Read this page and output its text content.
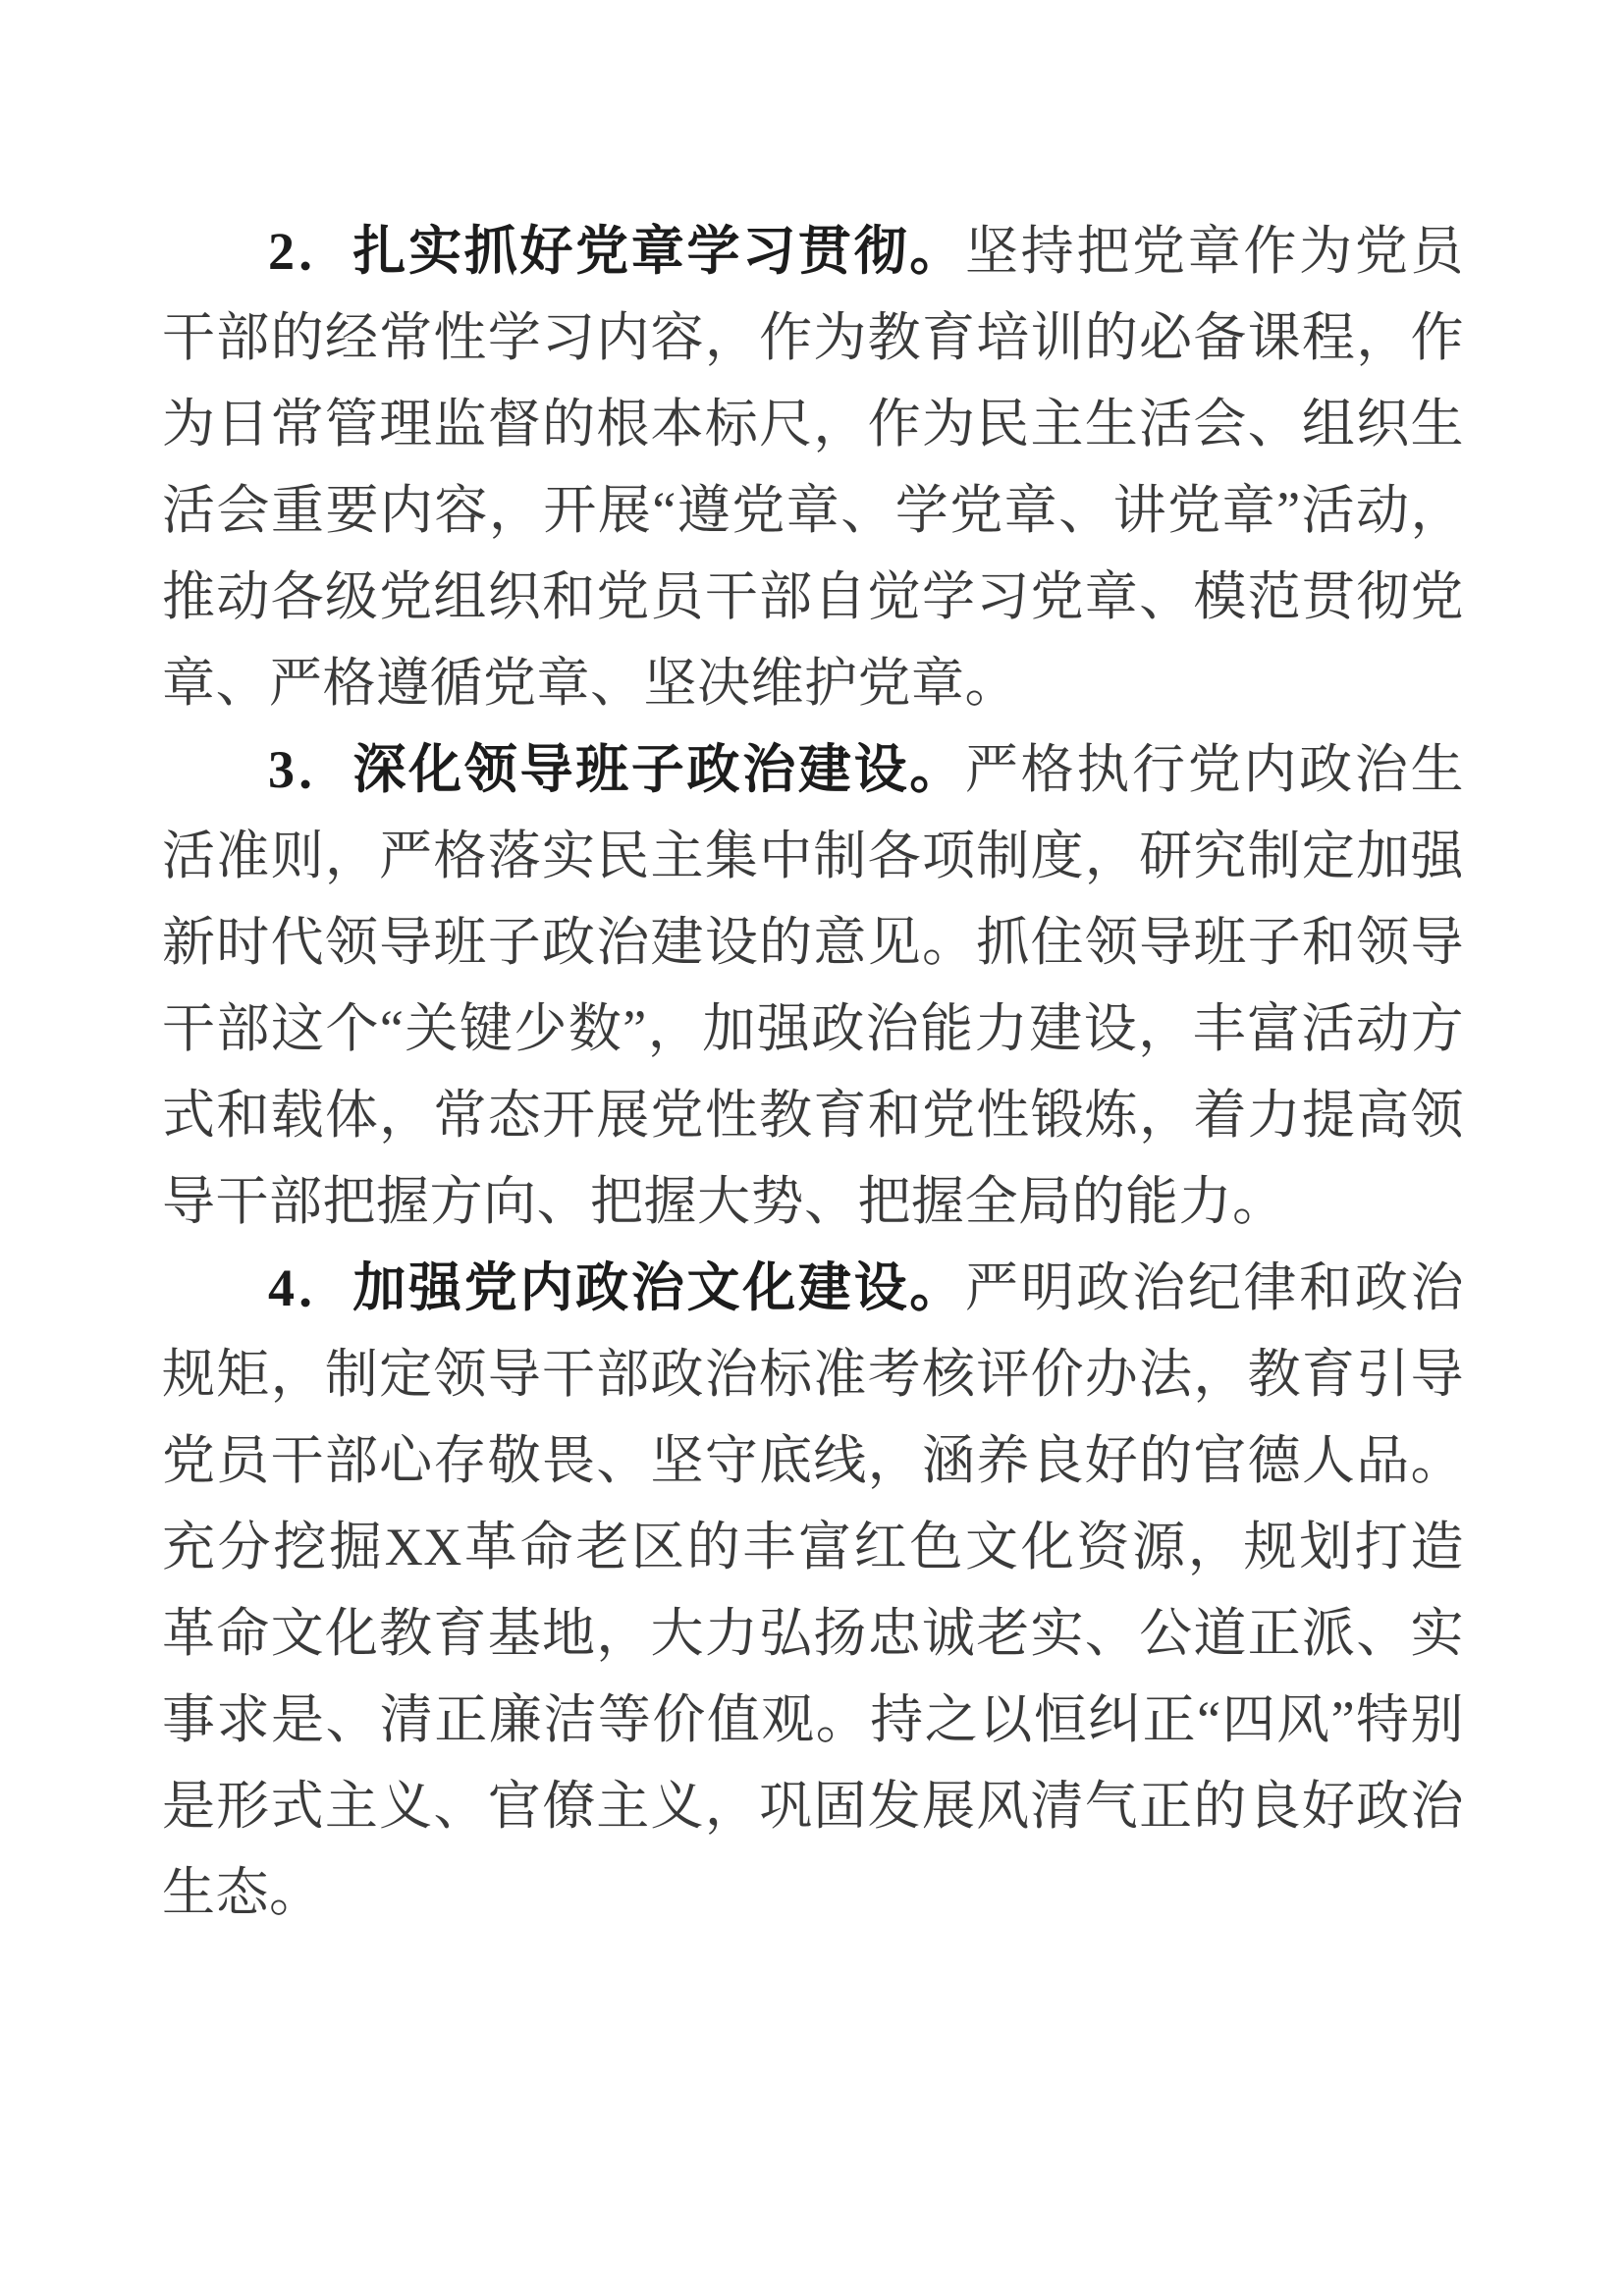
2．扎实抓好党章学习贯彻。坚持把党章作为党员干部的经常性学习内容，作为教育培训的必备课程，作为日常管理监督的根本标尺，作为民主生活会、组织生活会重要内容，开展“遵党章、学党章、讲党章”活动，推动各级党组织和党员干部自觉学习党章、模范贯彻党章、严格遵循党章、坚决维护党章。

3．深化领导班子政治建设。严格执行党内政治生活准则，严格落实民主集中制各项制度，研究制定加强新时代领导班子政治建设的意见。抓住领导班子和领导干部这个“关键少数”，加强政治能力建设，丰富活动方式和载体，常态开展党性教育和党性锻炼，着力提高领导干部把握方向、把握大势、把握全局的能力。

4．加强党内政治文化建设。严明政治纪律和政治规矩，制定领导干部政治标准考核评价办法，教育引导党员干部心存敬畏、坚守底线，涵养良好的官德人品。充分挖掘XX革命老区的丰富红色文化资源，规划打造革命文化教育基地，大力弘扬忠诚老实、公道正派、实事求是、清正廉洁等价值观。持之以恒纠正“四风”特别是形式主义、官僚主义，巩固发展风清气正的良好政治生态。
